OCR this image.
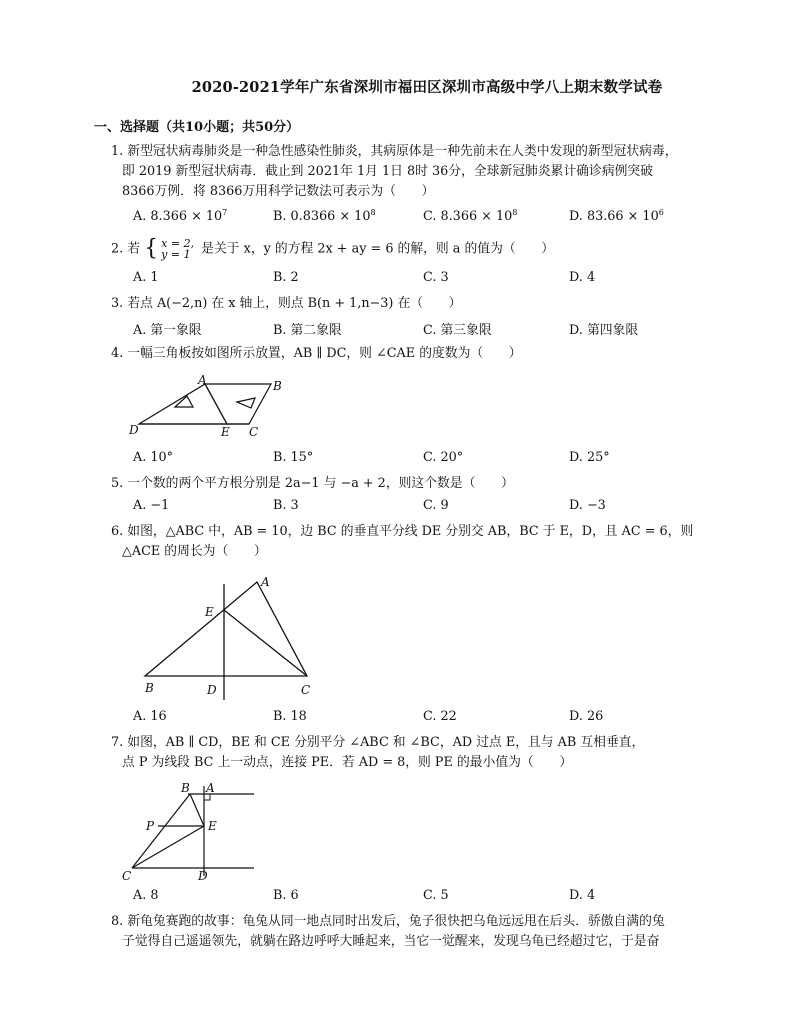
2020-2021学年广东省深圳市福田区深圳市高级中学八上期末数学试卷
一、选择题（共10小题；共50分）
1. 新型冠状病毒肺炎是一种急性感染性肺炎，其病原体是一种先前未在人类中发现的新型冠状病毒，
即 2019 新型冠状病毒．截止到 2021年 1月 1日 8时 36分，全球新冠肺炎累计确诊病例突破
8366万例．将 8366万用科学记数法可表示为（　　）
A. $8.366 \times 10^7$	B. $0.8366 \times 10^8$	C. $8.366 \times 10^8$	D. $83.66 \times 10^6$
2. 若 { x = 2,
y = 1 是关于 x，y 的方程 2x + ay = 6 的解，则 a 的值为（　　）
A. 1	B. 2	C. 3	D. 4
3. 若点 A(−2,n) 在 x 轴上，则点 B(n + 1,n−3) 在（　　）
A. 第一象限	B. 第二象限	C. 第三象限	D. 第四象限
4. 一幅三角板按如图所示放置，AB ∥ DC，则 ∠CAE 的度数为（　　）
A	B
C
D	E
A. 10°	B. 15°	C. 20°	D. 25°
5. 一个数的两个平方根分别是 2a−1 与 −a + 2，则这个数是（　　）
A. −1	B. 3	C. 9	D. −3
6. 如图，△ABC 中，AB = 10，边 BC 的垂直平分线 DE 分别交 AB，BC 于 E，D，且 AC = 6，则
△ACE 的周长为（　　）
A
B	C
D
E
A. 16	B. 18	C. 22	D. 26
7. 如图，AB ∥ CD，BE 和 CE 分别平分 ∠ABC 和 ∠BC，AD 过点 E，且与 AB 互相垂直，
点 P 为线段 BC 上一动点，连接 PE．若 AD = 8，则 PE 的最小值为（　　）
B A
P	E
C	D
A. 8	B. 6	C. 5	D. 4
8. 新龟兔赛跑的故事：龟兔从同一地点同时出发后，兔子很快把乌龟远远甩在后头．骄傲自满的兔
子觉得自己遥遥领先，就躺在路边呼呼大睡起来，当它一觉醒来，发现乌龟已经超过它，于是奋
